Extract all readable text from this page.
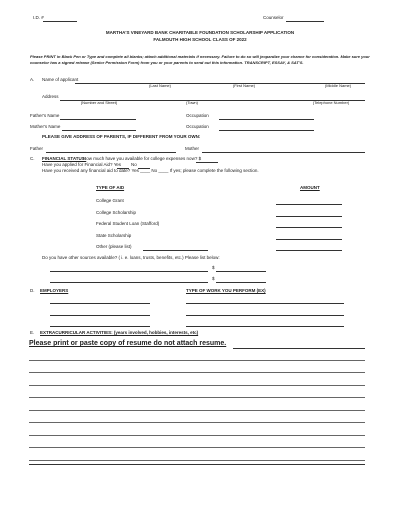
I.D. #	Counselor
MARTHA'S VINEYARD BANK CHARITABLE FOUNDATION SCHOLARSHIP APPLICATION
FALMOUTH HIGH SCHOOL CLASS OF 2022
Please PRINT in Black Pen or Type and complete all blanks; attach additional materials if necessary. Failure to do so will jeopardize your chance for consideration. Make sure your
counselor has a signed release (Senior Permission Form) from you or your parents to send out this information. TRANSCRIPT, ESSAY, & SAT'S.
A. Name of applicant
(Last Name)	(First Name)	(Middle Name)
Address
(Number and Street)	(Town)	(Telephone Number)
Father's Name	Occupation
Mother's Name	Occupation
PLEASE GIVE ADDRESS OF PARENTS, IF DIFFERENT FROM YOUR OWN:
Father	Mother
C. FINANCIAL STATUS:
How much have you available for college expenses now? $
Have you applied for Financial Aid? Yes No
Have you received any financial aid to date? Yes ____ No ____ If yes; please complete the following section.
TYPE OF AID	AMOUNT
College Grant
College Scholarship
Federal Student Loan (Stafford)
State Scholarship
Other (please list)
Do you have other sources available? ( i. e. loans, trusts, benefits, etc.) Please list below:
$
$
D. EMPLOYERS	TYPE OF WORK YOU PERFORM (EX)
E. EXTRACURRICULAR ACTIVITIES: (years involved, hobbies, interests, etc)
Please print or paste copy of resume do not attach resume.
